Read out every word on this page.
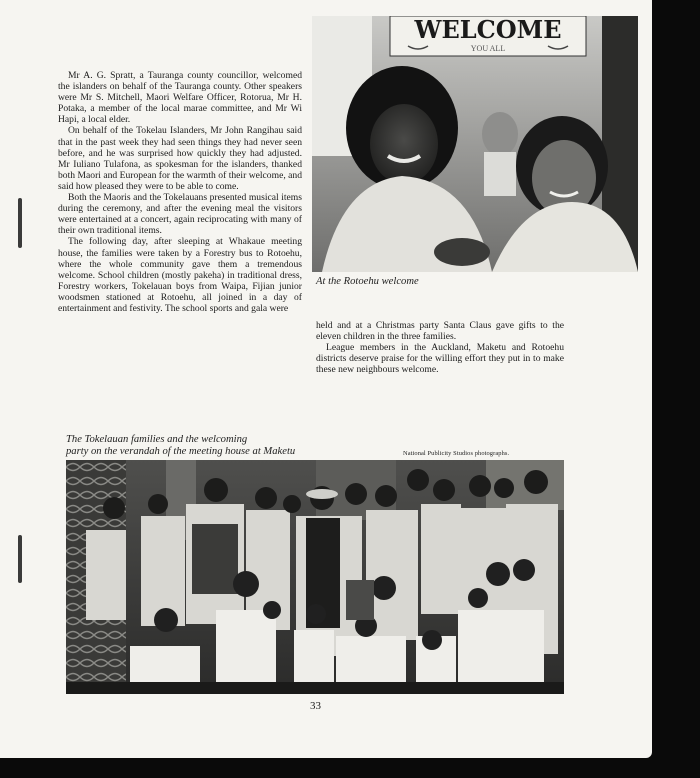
Mr A. G. Spratt, a Tauranga county councillor, welcomed the islanders on behalf of the Tauranga county. Other speakers were Mr S. Mitchell, Maori Welfare Officer, Rotorua, Mr H. Potaka, a member of the local marae committee, and Mr Wi Hapi, a local elder.

On behalf of the Tokelau Islanders, Mr John Rangihau said that in the past week they had seen things they had never seen before, and he was surprised how quickly they had adjusted. Mr Iuliano Tulafona, as spokesman for the islanders, thanked both Maori and European for the warmth of their welcome, and said how pleased they were to be able to come.

Both the Maoris and the Tokelauans presented musical items during the ceremony, and after the evening meal the visitors were entertained at a concert, again reciprocating with many of their own traditional items.

The following day, after sleeping at Whakaue meeting house, the families were taken by a Forestry bus to Rotoehu, where the whole community gave them a tremendous welcome. School children (mostly pakeha) in traditional dress, Forestry workers, Tokelauan boys from Waipa, Fijian junior woodsmen stationed at Rotoehu, all joined in a day of entertainment and festivity. The school sports and gala were

WELCOME
YOU ALL
At the Rotoehu welcome

held and at a Christmas party Santa Claus gave gifts to the eleven children in the three families.

League members in the Auckland, Maketu and Rotoehu districts deserve praise for the willing effort they put in to make these new neighbours welcome.

The Tokelauan families and the welcoming
party on the verandah of the meeting house at Maketu	National Publicity Studios photographs.
33
